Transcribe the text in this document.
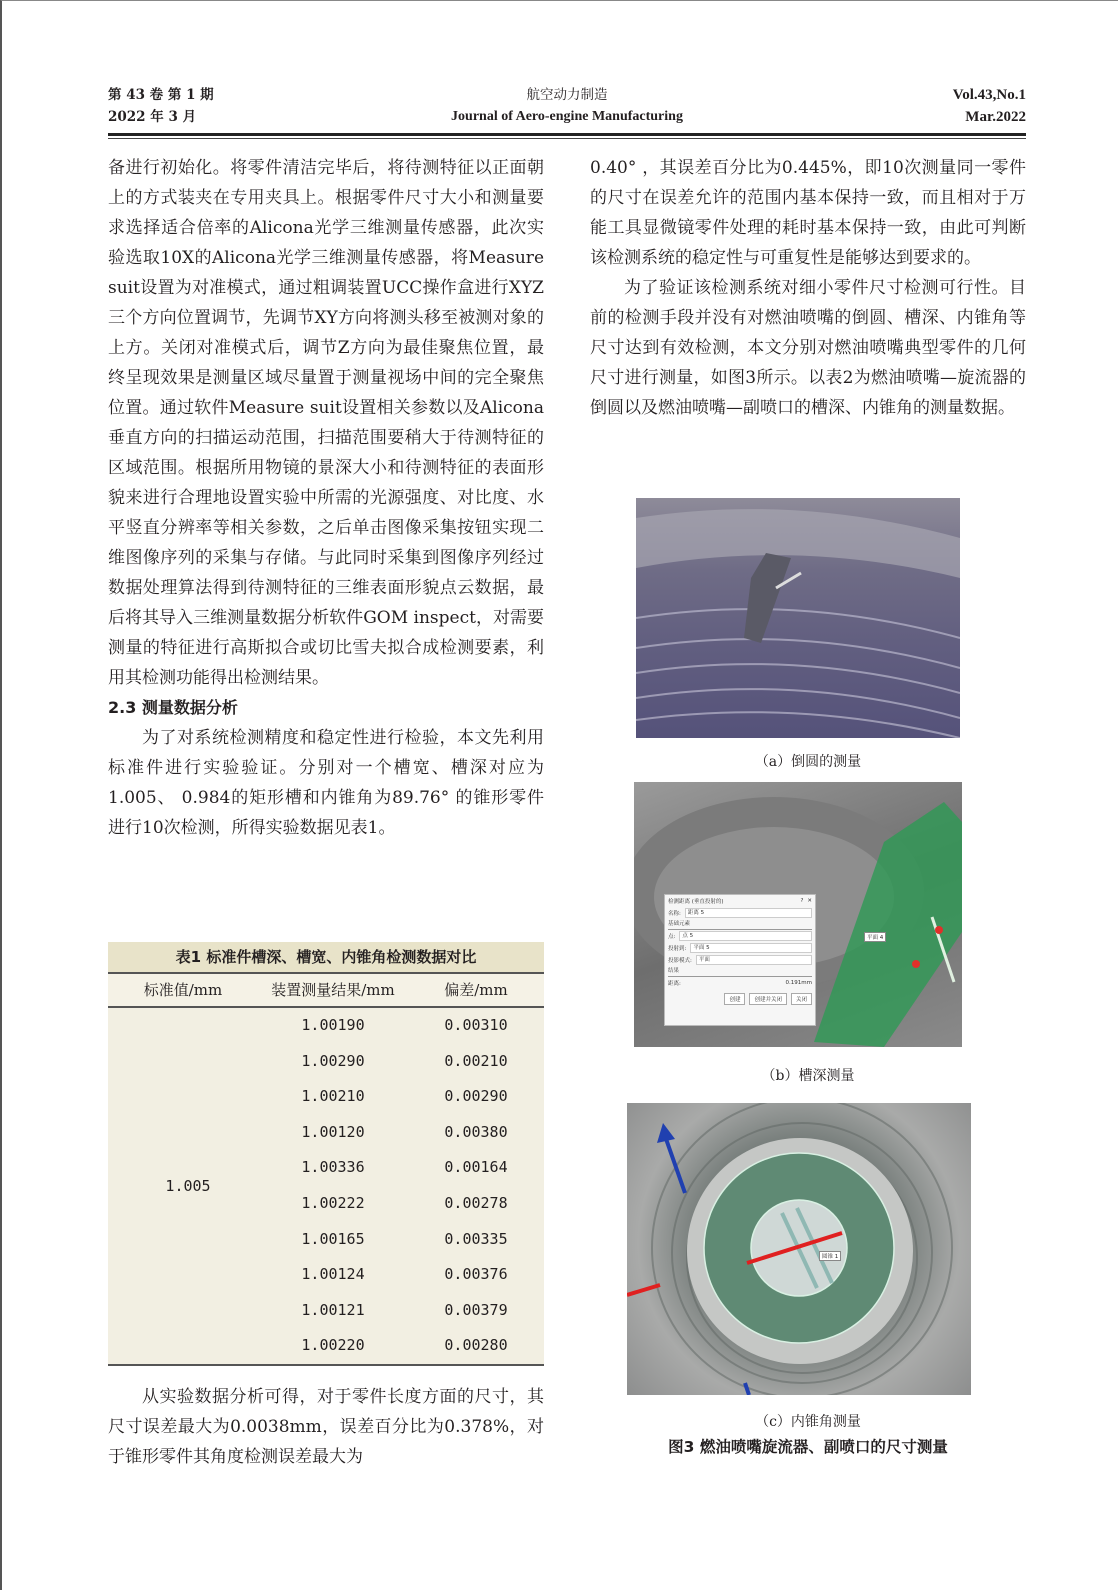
第 43 卷 第 1 期
2022 年 3 月
航空动力制造
Journal of Aero-engine Manufacturing
Vol.43,No.1
Mar.2022

备进行初始化。将零件清洁完毕后，将待测特征以正面朝上的方式装夹在专用夹具上。根据零件尺寸大小和测量要求选择适合倍率的Alicona光学三维测量传感器，此次实验选取10X的Alicona光学三维测量传感器，将Measure suit设置为对准模式，通过粗调装置UCC操作盒进行XYZ三个方向位置调节，先调节XY方向将测头移至被测对象的上方。关闭对准模式后，调节Z方向为最佳聚焦位置，最终呈现效果是测量区域尽量置于测量视场中间的完全聚焦位置。通过软件Measure suit设置相关参数以及Alicona垂直方向的扫描运动范围，扫描范围要稍大于待测特征的区域范围。根据所用物镜的景深大小和待测特征的表面形貌来进行合理地设置实验中所需的光源强度、对比度、水平竖直分辨率等相关参数，之后单击图像采集按钮实现二维图像序列的采集与存储。与此同时采集到图像序列经过数据处理算法得到待测特征的三维表面形貌点云数据，最后将其导入三维测量数据分析软件GOM inspect，对需要测量的特征进行高斯拟合或切比雪夫拟合成检测要素，利用其检测功能得出检测结果。

2.3 测量数据分析

为了对系统检测精度和稳定性进行检验，本文先利用标准件进行实验验证。分别对一个槽宽、槽深对应为 1.005、 0.984的矩形槽和内锥角为89.76° 的锥形零件进行10次检测，所得实验数据见表1。

表1 标准件槽深、槽宽、内锥角检测数据对比
标准值/mm	装置测量结果/mm	偏差/mm
1.005
1.00190	0.00310
1.00290	0.00210
1.00210	0.00290
1.00120	0.00380
1.00336	0.00164
1.00222	0.00278
1.00165	0.00335
1.00124	0.00376
1.00121	0.00379
1.00220	0.00280

从实验数据分析可得，对于零件长度方面的尺寸，其尺寸误差最大为0.0038mm，误差百分比为0.378%，对于锥形零件其角度检测误差最大为

0.40° ，其误差百分比为0.445%，即10次测量同一零件的尺寸在误差允许的范围内基本保持一致，而且相对于万能工具显微镜零件处理的耗时基本保持一致，由此可判断该检测系统的稳定性与可重复性是能够达到要求的。

为了验证该检测系统对细小零件尺寸检测可行性。目前的检测手段并没有对燃油喷嘴的倒圆、槽深、内锥角等尺寸达到有效检测，本文分别对燃油喷嘴典型零件的几何尺寸进行测量，如图3所示。以表2为燃油喷嘴—旋流器的倒圆以及燃油喷嘴—副喷口的槽深、内锥角的测量数据。

（a）倒圆的测量
平面 4
检测距离 (垂直投射的)	? ✕
名称:	距离 5
基础元素
点:	点 5
投射到:	平面 5
投影模式:	平面
结果
距离:	0.191mm
创建	创建并关闭	关闭
（b）槽深测量
圆锥 1
（c）内锥角测量
图3 燃油喷嘴旋流器、副喷口的尺寸测量
